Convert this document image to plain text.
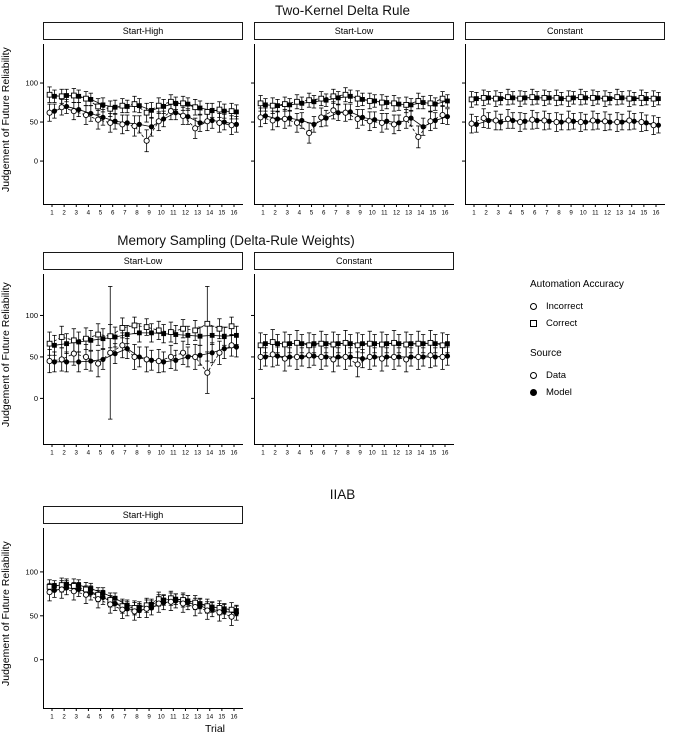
Two-Kernel Delta Rule
Judgement of Future Reliability
Start-High
0
50
100
1 2 3 4 5 6 7 8 9 10 11 12 13 14 15 16
Start-Low
1 2 3 4 5 6 7 8 9 10 11 12 13 14 15 16
Constant
1 2 3 4 5 6 7 8 9 10 11 12 13 14 15 16
Memory Sampling (Delta-Rule Weights)
Judgement of Future Reliability
Start-Low
0
50
100
1 2 3 4 5 6 7 8 9 10 11 12 13 14 15 16
Constant
1 2 3 4 5 6 7 8 9 10 11 12 13 14 15 16
Automation Accuracy
Incorrect
Correct
Source
Data
Model
IIAB
Judgement of Future Reliability
Start-High
0
50
100
1 2 3 4 5 6 7 8 9 10 11 12 13 14 15 16
Trial
